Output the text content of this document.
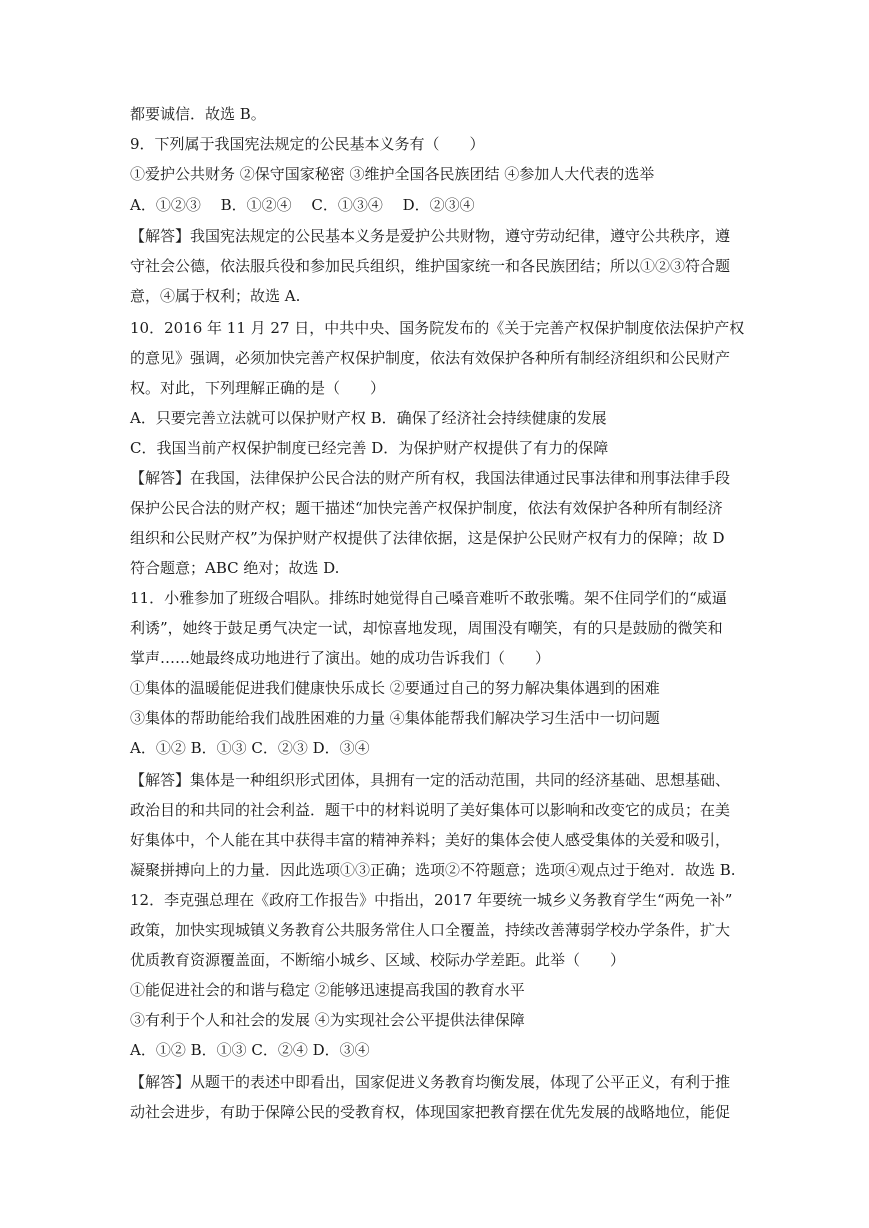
都要诚信．故选 B。
9．下列属于我国宪法规定的公民基本义务有（　　）
①爱护公共财务 ②保守国家秘密 ③维护全国各民族团结 ④参加人大代表的选举
A．①②③　 B．①②④　 C．①③④　 D．②③④
【解答】我国宪法规定的公民基本义务是爱护公共财物，遵守劳动纪律，遵守公共秩序，遵
守社会公德，依法服兵役和参加民兵组织，维护国家统一和各民族团结；所以①②③符合题
意，④属于权利；故选 A.
10．2016 年 11 月 27 日，中共中央、国务院发布的《关于完善产权保护制度依法保护产权
的意见》强调，必须加快完善产权保护制度，依法有效保护各种所有制经济组织和公民财产
权。对此，下列理解正确的是（　　）
A．只要完善立法就可以保护财产权 B．确保了经济社会持续健康的发展
C．我国当前产权保护制度已经完善 D．为保护财产权提供了有力的保障
【解答】在我国，法律保护公民合法的财产所有权，我国法律通过民事法律和刑事法律手段
保护公民合法的财产权；题干描述“加快完善产权保护制度，依法有效保护各种所有制经济
组织和公民财产权”为保护财产权提供了法律依据，这是保护公民财产权有力的保障；故 D
符合题意；ABC 绝对；故选 D.
11．小雅参加了班级合唱队。排练时她觉得自己嗓音难听不敢张嘴。架不住同学们的“威逼
利诱”，她终于鼓足勇气决定一试，却惊喜地发现，周围没有嘲笑，有的只是鼓励的微笑和
掌声……她最终成功地进行了演出。她的成功告诉我们（　　）
①集体的温暖能促进我们健康快乐成长 ②要通过自己的努力解决集体遇到的困难
③集体的帮助能给我们战胜困难的力量 ④集体能帮我们解决学习生活中一切问题
A．①② B．①③ C．②③ D．③④
【解答】集体是一种组织形式团体，具拥有一定的活动范围，共同的经济基础、思想基础、
政治目的和共同的社会利益．题干中的材料说明了美好集体可以影响和改变它的成员；在美
好集体中，个人能在其中获得丰富的精神养料；美好的集体会使人感受集体的关爱和吸引，
凝聚拼搏向上的力量．因此选项①③正确；选项②不符题意；选项④观点过于绝对．故选 B.
12．李克强总理在《政府工作报告》中指出，2017 年要统一城乡义务教育学生“两免一补”
政策，加快实现城镇义务教育公共服务常住人口全覆盖，持续改善薄弱学校办学条件，扩大
优质教育资源覆盖面，不断缩小城乡、区域、校际办学差距。此举（　　）
①能促进社会的和谐与稳定 ②能够迅速提高我国的教育水平
③有利于个人和社会的发展 ④为实现社会公平提供法律保障
A．①② B．①③ C．②④ D．③④
【解答】从题干的表述中即看出，国家促进义务教育均衡发展，体现了公平正义，有利于推
动社会进步，有助于保障公民的受教育权，体现国家把教育摆在优先发展的战略地位，能促
